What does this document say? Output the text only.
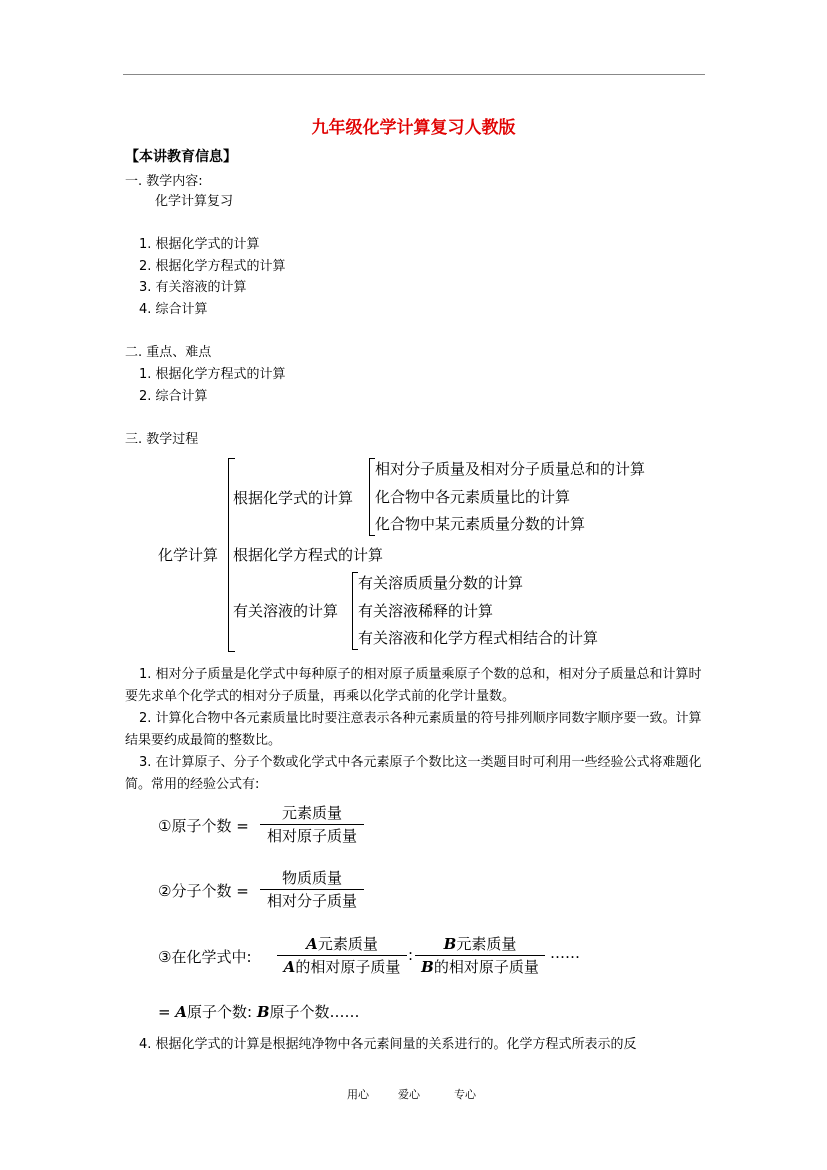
九年级化学计算复习人教版
【本讲教育信息】
一. 教学内容:
化学计算复习
1. 根据化学式的计算
2. 根据化学方程式的计算
3. 有关溶液的计算
4. 综合计算
二. 重点、难点
1. 根据化学方程式的计算
2. 综合计算
三. 教学过程
化学计算
根据化学式的计算
根据化学方程式的计算
有关溶液的计算
相对分子质量及相对分子质量总和的计算
化合物中各元素质量比的计算
化合物中某元素质量分数的计算
有关溶质质量分数的计算
有关溶液稀释的计算
有关溶液和化学方程式相结合的计算
1. 相对分子质量是化学式中每种原子的相对原子质量乘原子个数的总和，相对分子质量总和计算时要先求单个化学式的相对分子质量，再乘以化学式前的化学计量数。
2. 计算化合物中各元素质量比时要注意表示各种元素质量的符号排列顺序同数字顺序要一致。计算结果要约成最简的整数比。
3. 在计算原子、分子个数或化学式中各元素原子个数比这一类题目时可利用一些经验公式将难题化简。常用的经验公式有:
①原子个数 =
元素质量
相对原子质量
②分子个数 =
物质质量
相对分子质量
③在化学式中:
A元素质量
A的相对原子质量
:
B元素质量
B的相对原子质量
……
= A原子个数: B原子个数……
4. 根据化学式的计算是根据纯净物中各元素间量的关系进行的。化学方程式所表示的反
用心	爱心	专心
